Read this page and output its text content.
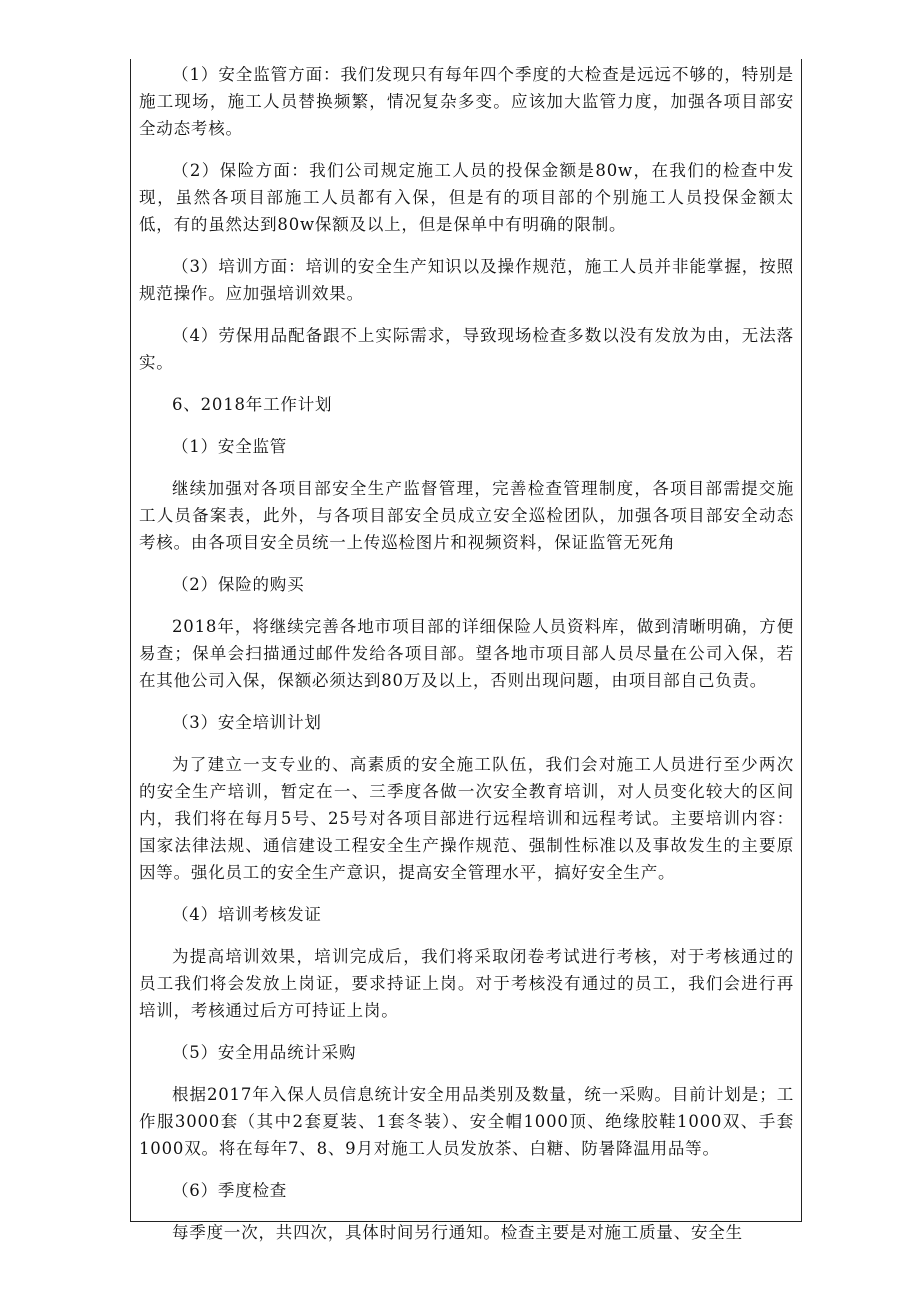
（1）安全监管方面：我们发现只有每年四个季度的大检查是远远不够的，特别是施工现场，施工人员替换频繁，情况复杂多变。应该加大监管力度，加强各项目部安全动态考核。

（2）保险方面：我们公司规定施工人员的投保金额是80w，在我们的检查中发现，虽然各项目部施工人员都有入保，但是有的项目部的个别施工人员投保金额太低，有的虽然达到80w保额及以上，但是保单中有明确的限制。

（3）培训方面：培训的安全生产知识以及操作规范，施工人员并非能掌握，按照规范操作。应加强培训效果。

（4）劳保用品配备跟不上实际需求，导致现场检查多数以没有发放为由，无法落实。

6、2018年工作计划

（1）安全监管

继续加强对各项目部安全生产监督管理，完善检查管理制度，各项目部需提交施工人员备案表，此外，与各项目部安全员成立安全巡检团队，加强各项目部安全动态考核。由各项目安全员统一上传巡检图片和视频资料，保证监管无死角

（2）保险的购买

2018年，将继续完善各地市项目部的详细保险人员资料库，做到清晰明确，方便易查；保单会扫描通过邮件发给各项目部。望各地市项目部人员尽量在公司入保，若在其他公司入保，保额必须达到80万及以上，否则出现问题，由项目部自己负责。

（3）安全培训计划

为了建立一支专业的、高素质的安全施工队伍，我们会对施工人员进行至少两次的安全生产培训，暂定在一、三季度各做一次安全教育培训，对人员变化较大的区间内，我们将在每月5号、25号对各项目部进行远程培训和远程考试。主要培训内容：国家法律法规、通信建设工程安全生产操作规范、强制性标准以及事故发生的主要原因等。强化员工的安全生产意识，提高安全管理水平，搞好安全生产。

（4）培训考核发证

为提高培训效果，培训完成后，我们将采取闭卷考试进行考核，对于考核通过的员工我们将会发放上岗证，要求持证上岗。对于考核没有通过的员工，我们会进行再培训，考核通过后方可持证上岗。

（5）安全用品统计采购

根据2017年入保人员信息统计安全用品类别及数量，统一采购。目前计划是；工作服3000套（其中2套夏装、1套冬装）、安全帽1000顶、绝缘胶鞋1000双、手套1000双。将在每年7、8、9月对施工人员发放茶、白糖、防暑降温用品等。

（6）季度检查

每季度一次，共四次，具体时间另行通知。检查主要是对施工质量、安全生
